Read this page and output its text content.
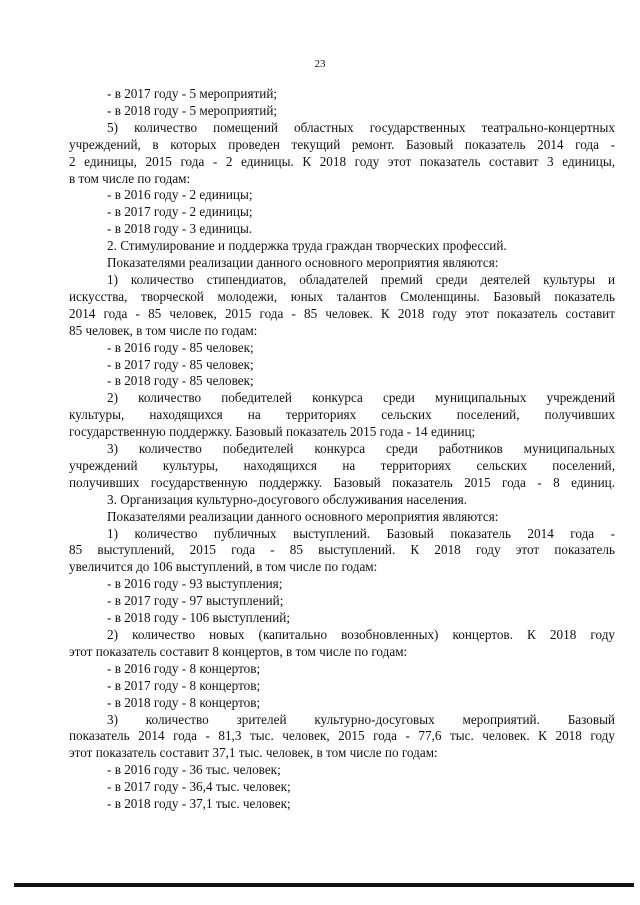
23
- в 2017 году - 5 мероприятий;
- в 2018 году - 5 мероприятий;
5) количество помещений областных государственных театрально-концертных
учреждений, в которых проведен текущий ремонт. Базовый показатель 2014 года -
2 единицы, 2015 года - 2 единицы. К 2018 году этот показатель составит 3 единицы,
в том числе по годам:
- в 2016 году - 2 единицы;
- в 2017 году - 2 единицы;
- в 2018 году - 3 единицы.
2. Стимулирование и поддержка труда граждан творческих профессий.
Показателями реализации данного основного мероприятия являются:
1) количество стипендиатов, обладателей премий среди деятелей культуры и
искусства, творческой молодежи, юных талантов Смоленщины. Базовый показатель
2014 года - 85 человек, 2015 года - 85 человек. К 2018 году этот показатель составит
85 человек, в том числе по годам:
- в 2016 году - 85 человек;
- в 2017 году - 85 человек;
- в 2018 году - 85 человек;
2) количество победителей конкурса среди муниципальных учреждений
культуры, находящихся на территориях сельских поселений, получивших
государственную поддержку. Базовый показатель 2015 года - 14 единиц;
3) количество победителей конкурса среди работников муниципальных
учреждений культуры, находящихся на территориях сельских поселений,
получивших государственную поддержку. Базовый показатель 2015 года - 8 единиц.
3. Организация культурно-досугового обслуживания населения.
Показателями реализации данного основного мероприятия являются:
1) количество публичных выступлений. Базовый показатель 2014 года -
85 выступлений, 2015 года - 85 выступлений. К 2018 году этот показатель
увеличится до 106 выступлений, в том числе по годам:
- в 2016 году - 93 выступления;
- в 2017 году - 97 выступлений;
- в 2018 году - 106 выступлений;
2) количество новых (капитально возобновленных) концертов. К 2018 году
этот показатель составит 8 концертов, в том числе по годам:
- в 2016 году - 8 концертов;
- в 2017 году - 8 концертов;
- в 2018 году - 8 концертов;
3) количество зрителей культурно-досуговых мероприятий. Базовый
показатель 2014 года - 81,3 тыс. человек, 2015 года - 77,6 тыс. человек. К 2018 году
этот показатель составит 37,1 тыс. человек, в том числе по годам:
- в 2016 году - 36 тыс. человек;
- в 2017 году - 36,4 тыс. человек;
- в 2018 году - 37,1 тыс. человек;
